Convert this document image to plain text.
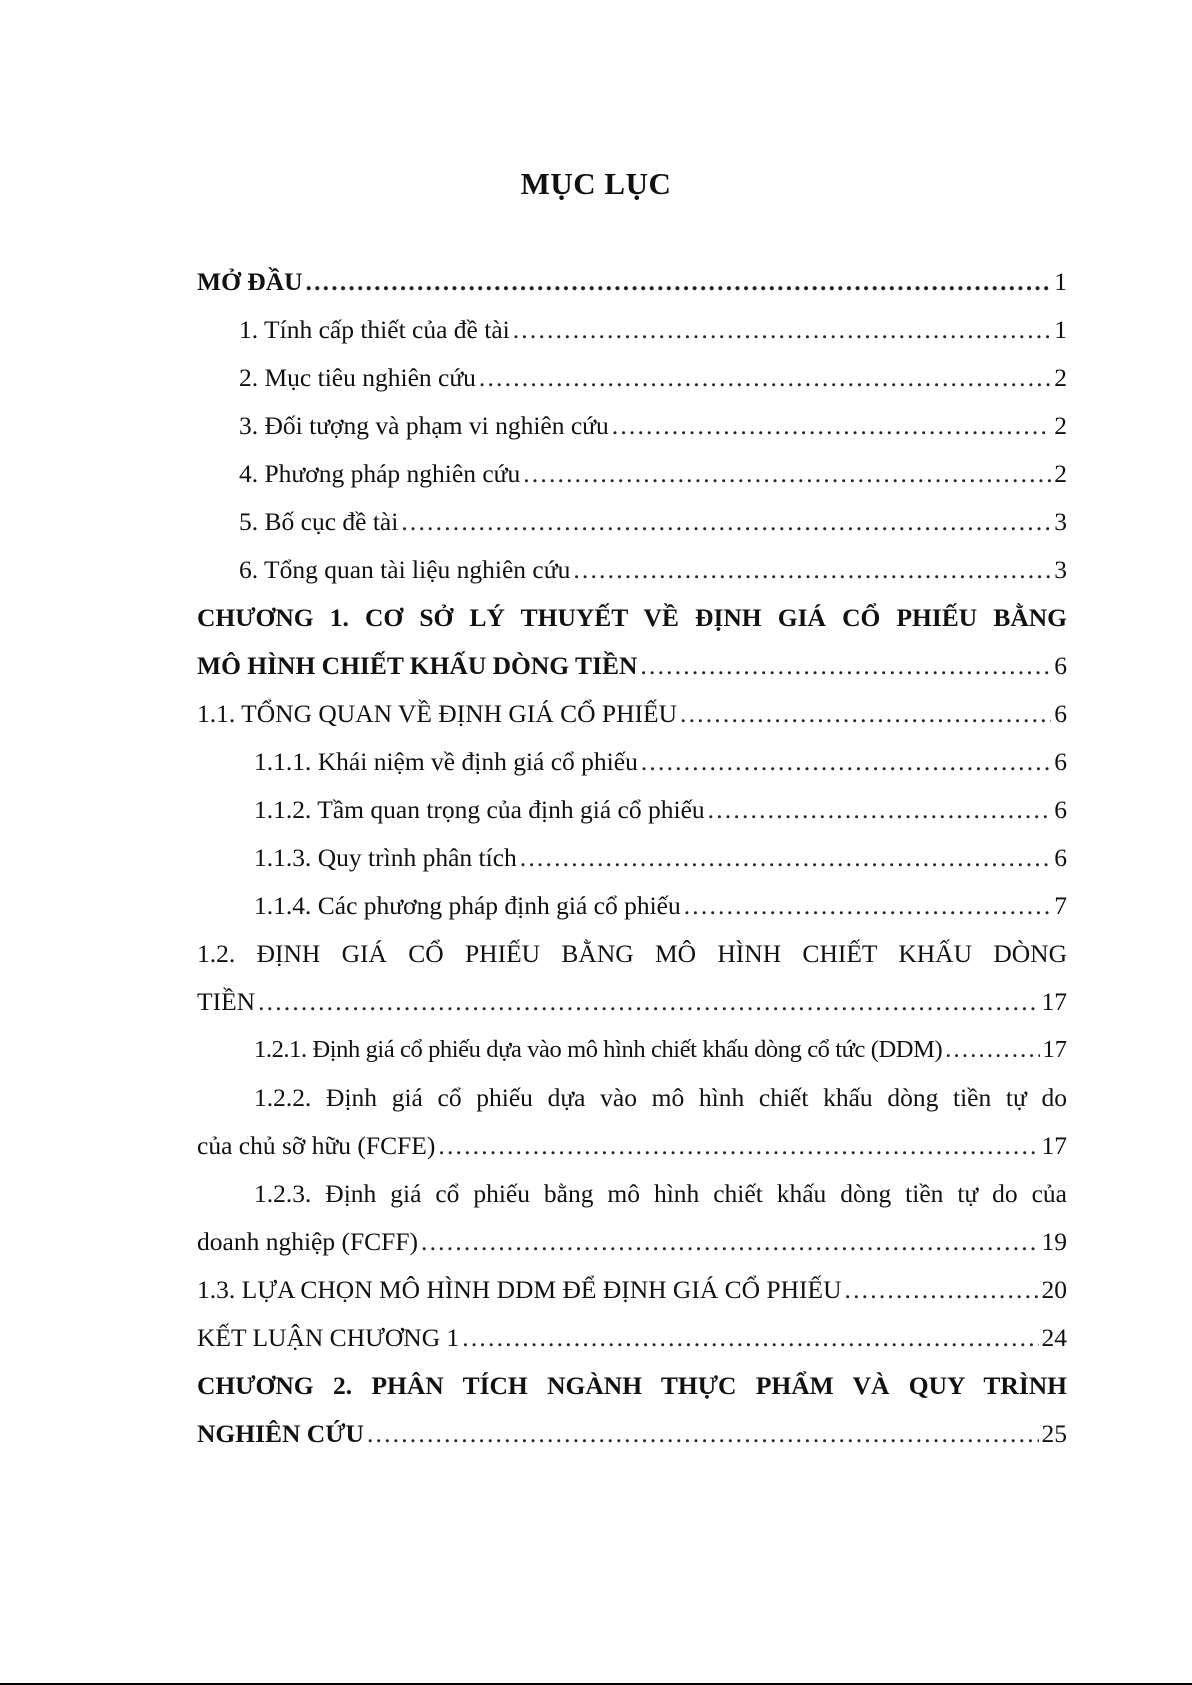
MỤC LỤC
MỞ ĐẦU .....	1
1. Tính cấp thiết của đề tài .....	1
2. Mục tiêu nghiên cứu .....	2
3. Đối tượng và phạm vi nghiên cứu .....	2
4. Phương pháp nghiên cứu .....	2
5. Bố cục đề tài .....	3
6. Tổng quan tài liệu nghiên cứu .....	3
CHƯƠNG 1. CƠ SỞ LÝ THUYẾT VỀ ĐỊNH GIÁ CỔ PHIẾU BẰNG
MÔ HÌNH CHIẾT KHẤU DÒNG TIỀN .....	6
1.1. TỔNG QUAN VỀ ĐỊNH GIÁ CỔ PHIẾU .....	6
1.1.1. Khái niệm về định giá cổ phiếu .....	6
1.1.2. Tầm quan trọng của định giá cổ phiếu .....	6
1.1.3. Quy trình phân tích .....	6
1.1.4. Các phương pháp định giá cổ phiếu .....	7
1.2. ĐỊNH GIÁ CỔ PHIẾU BẰNG MÔ HÌNH CHIẾT KHẤU DÒNG
TIỀN .....	17
1.2.1. Định giá cổ phiếu dựa vào mô hình chiết khấu dòng cổ tức (DDM) .....	17
1.2.2. Định giá cổ phiếu dựa vào mô hình chiết khấu dòng tiền tự do
của chủ sỡ hữu (FCFE) .....	17
1.2.3. Định giá cổ phiếu bằng mô hình chiết khấu dòng tiền tự do của
doanh nghiệp (FCFF) .....	19
1.3. LỰA CHỌN MÔ HÌNH DDM ĐỂ ĐỊNH GIÁ CỔ PHIẾU .....	20
KẾT LUẬN CHƯƠNG 1 .....	24
CHƯƠNG 2. PHÂN TÍCH NGÀNH THỰC PHẨM VÀ QUY TRÌNH
NGHIÊN CỨU .....	25
